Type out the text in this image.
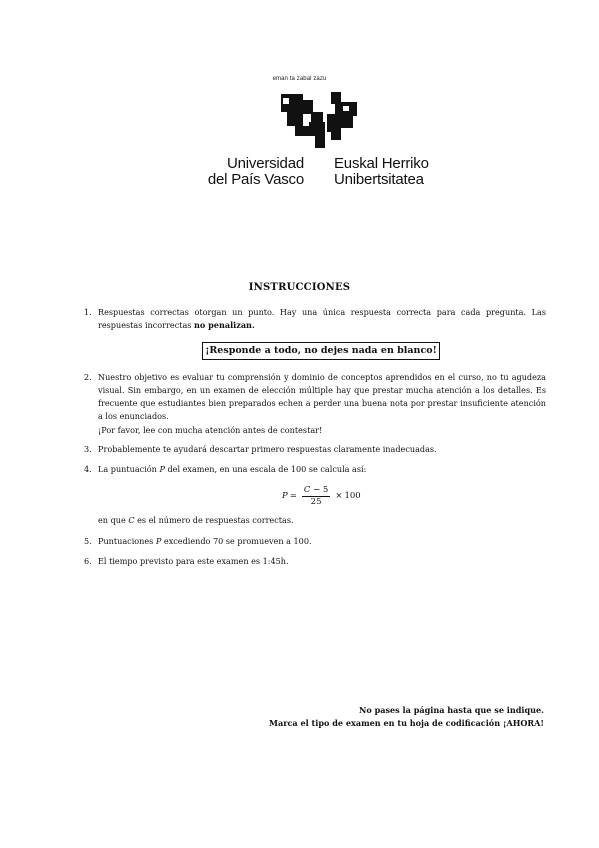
eman ta zabal zazu
Universidad
del País Vasco
Euskal Herriko
Unibertsitatea
INSTRUCCIONES
1. Respuestas correctas otorgan un punto. Hay una única respuesta correcta para cada pregunta. Las respuestas incorrectas no penalizan.
¡Responde a todo, no dejes nada en blanco!
2. Nuestro objetivo es evaluar tu comprensión y dominio de conceptos aprendidos en el curso, no tu agudeza visual. Sin embargo, en un examen de elección múltiple hay que prestar mucha atención a los detalles. Es frecuente que estudiantes bien preparados echen a perder una buena nota por prestar insuficiente atención a los enunciados.
¡Por favor, lee con mucha atención antes de contestar!
3. Probablemente te ayudará descartar primero respuestas claramente inadecuadas.
4. La puntuación P del examen, en una escala de 100 se calcula así:
$P = \frac{C - 5}{25} \times 100$
en que C es el número de respuestas correctas.
5. Puntuaciones P excediendo 70 se promueven a 100.
6. El tiempo previsto para este examen es 1:45h.
No pases la página hasta que se indique.
Marca el tipo de examen en tu hoja de codificación ¡AHORA!
